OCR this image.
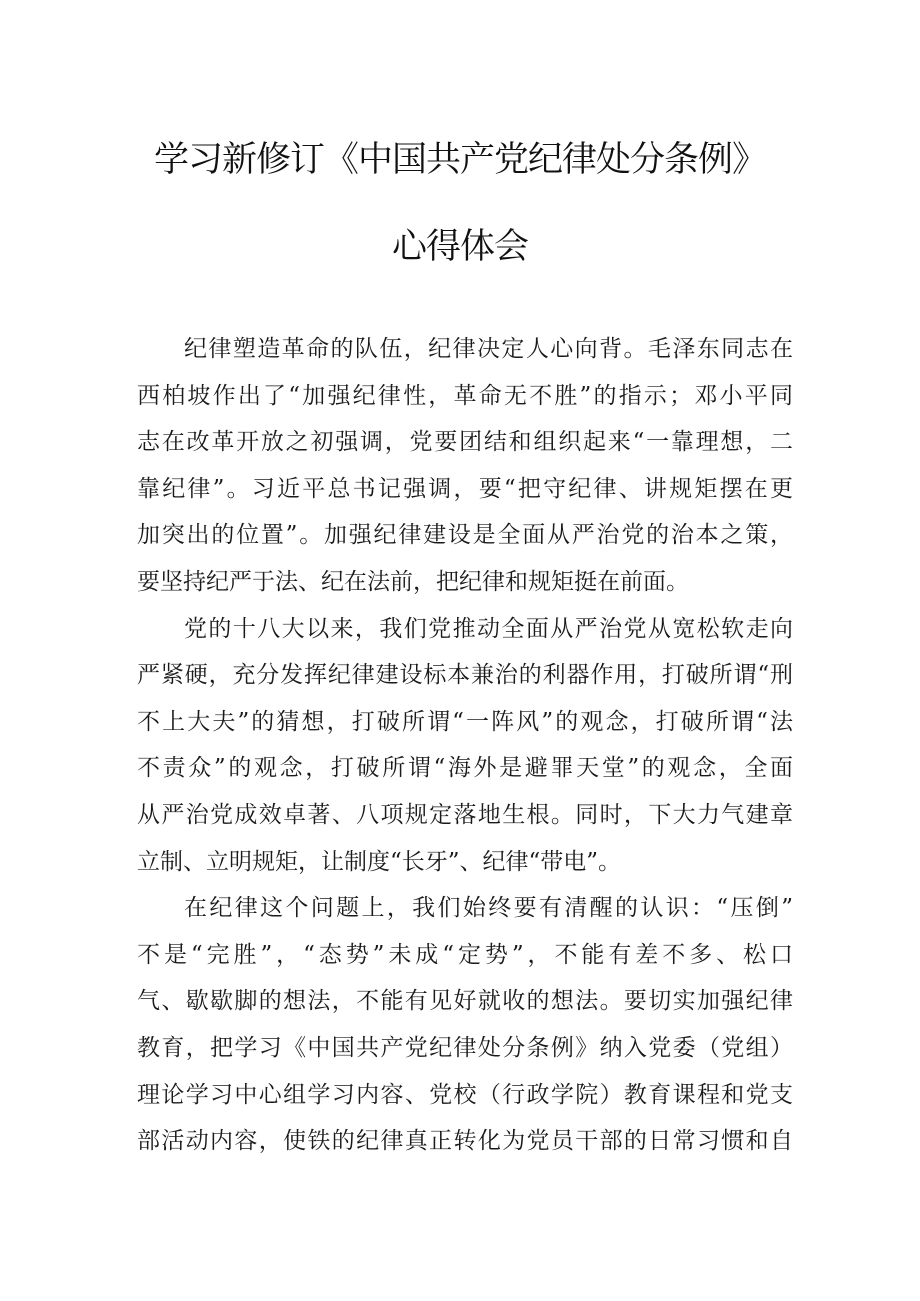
学习新修订《中国共产党纪律处分条例》
心得体会
纪律塑造革命的队伍，纪律决定人心向背。毛泽东同志在
西柏坡作出了“加强纪律性，革命无不胜”的指示；邓小平同
志在改革开放之初强调，党要团结和组织起来“一靠理想，二
靠纪律”。习近平总书记强调，要“把守纪律、讲规矩摆在更
加突出的位置”。加强纪律建设是全面从严治党的治本之策，
要坚持纪严于法、纪在法前，把纪律和规矩挺在前面。
党的十八大以来，我们党推动全面从严治党从宽松软走向
严紧硬，充分发挥纪律建设标本兼治的利器作用，打破所谓“刑
不上大夫”的猜想，打破所谓“一阵风”的观念，打破所谓“法
不责众”的观念，打破所谓“海外是避罪天堂”的观念，全面
从严治党成效卓著、八项规定落地生根。同时，下大力气建章
立制、立明规矩，让制度“长牙”、纪律“带电”。
在纪律这个问题上，我们始终要有清醒的认识：“压倒”
不是“完胜”，“态势”未成“定势”，不能有差不多、松口
气、歇歇脚的想法，不能有见好就收的想法。要切实加强纪律
教育，把学习《中国共产党纪律处分条例》纳入党委（党组）
理论学习中心组学习内容、党校（行政学院）教育课程和党支
部活动内容，使铁的纪律真正转化为党员干部的日常习惯和自
